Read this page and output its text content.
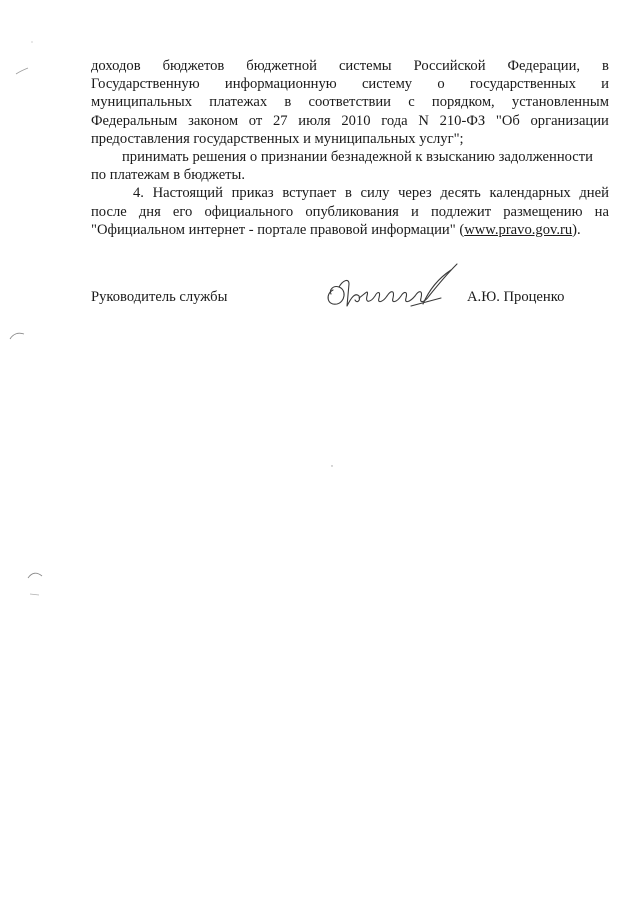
доходов бюджетов бюджетной системы Российской Федерации, в
Государственную информационную систему о государственных и
муниципальных платежах в соответствии с порядком, установленным
Федеральным законом от 27 июля 2010 года N 210-ФЗ "Об организации
предоставления государственных и муниципальных услуг";
принимать решения о признании безнадежной к взысканию задолженности
по платежам в бюджеты.
4. Настоящий приказ вступает в силу через десять календарных дней
после дня его официального опубликования и подлежит размещению на
"Официальном интернет - портале правовой информации" (www.pravo.gov.ru).
Руководитель службы	А.Ю. Проценко
